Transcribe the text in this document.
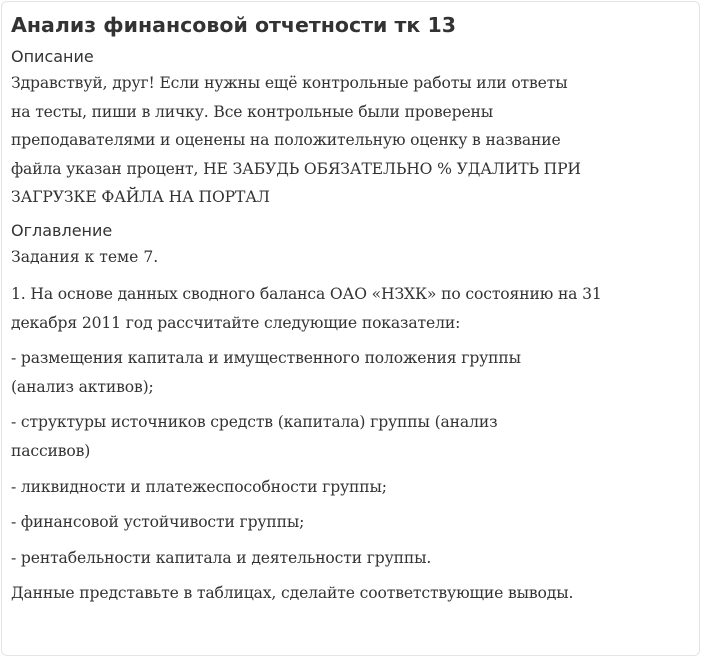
Анализ финансовой отчетности тк 13
Описание
Здравствуй, друг! Если нужны ещё контрольные работы или ответы
на тесты, пиши в личку. Все контрольные были проверены
преподавателями и оценены на положительную оценку в название
файла указан процент, НЕ ЗАБУДЬ ОБЯЗАТЕЛЬНО % УДАЛИТЬ ПРИ
ЗАГРУЗКЕ ФАЙЛА НА ПОРТАЛ
Оглавление
Задания к теме 7.
1. На основе данных сводного баланса ОАО «НЗХК» по состоянию на 31
декабря 2011 год рассчитайте следующие показатели:
- размещения капитала и имущественного положения группы
(анализ активов);
- структуры источников средств (капитала) группы (анализ
пассивов)
- ликвидности и платежеспособности группы;
- финансовой устойчивости группы;
- рентабельности капитала и деятельности группы.
Данные представьте в таблицах, сделайте соответствующие выводы.
